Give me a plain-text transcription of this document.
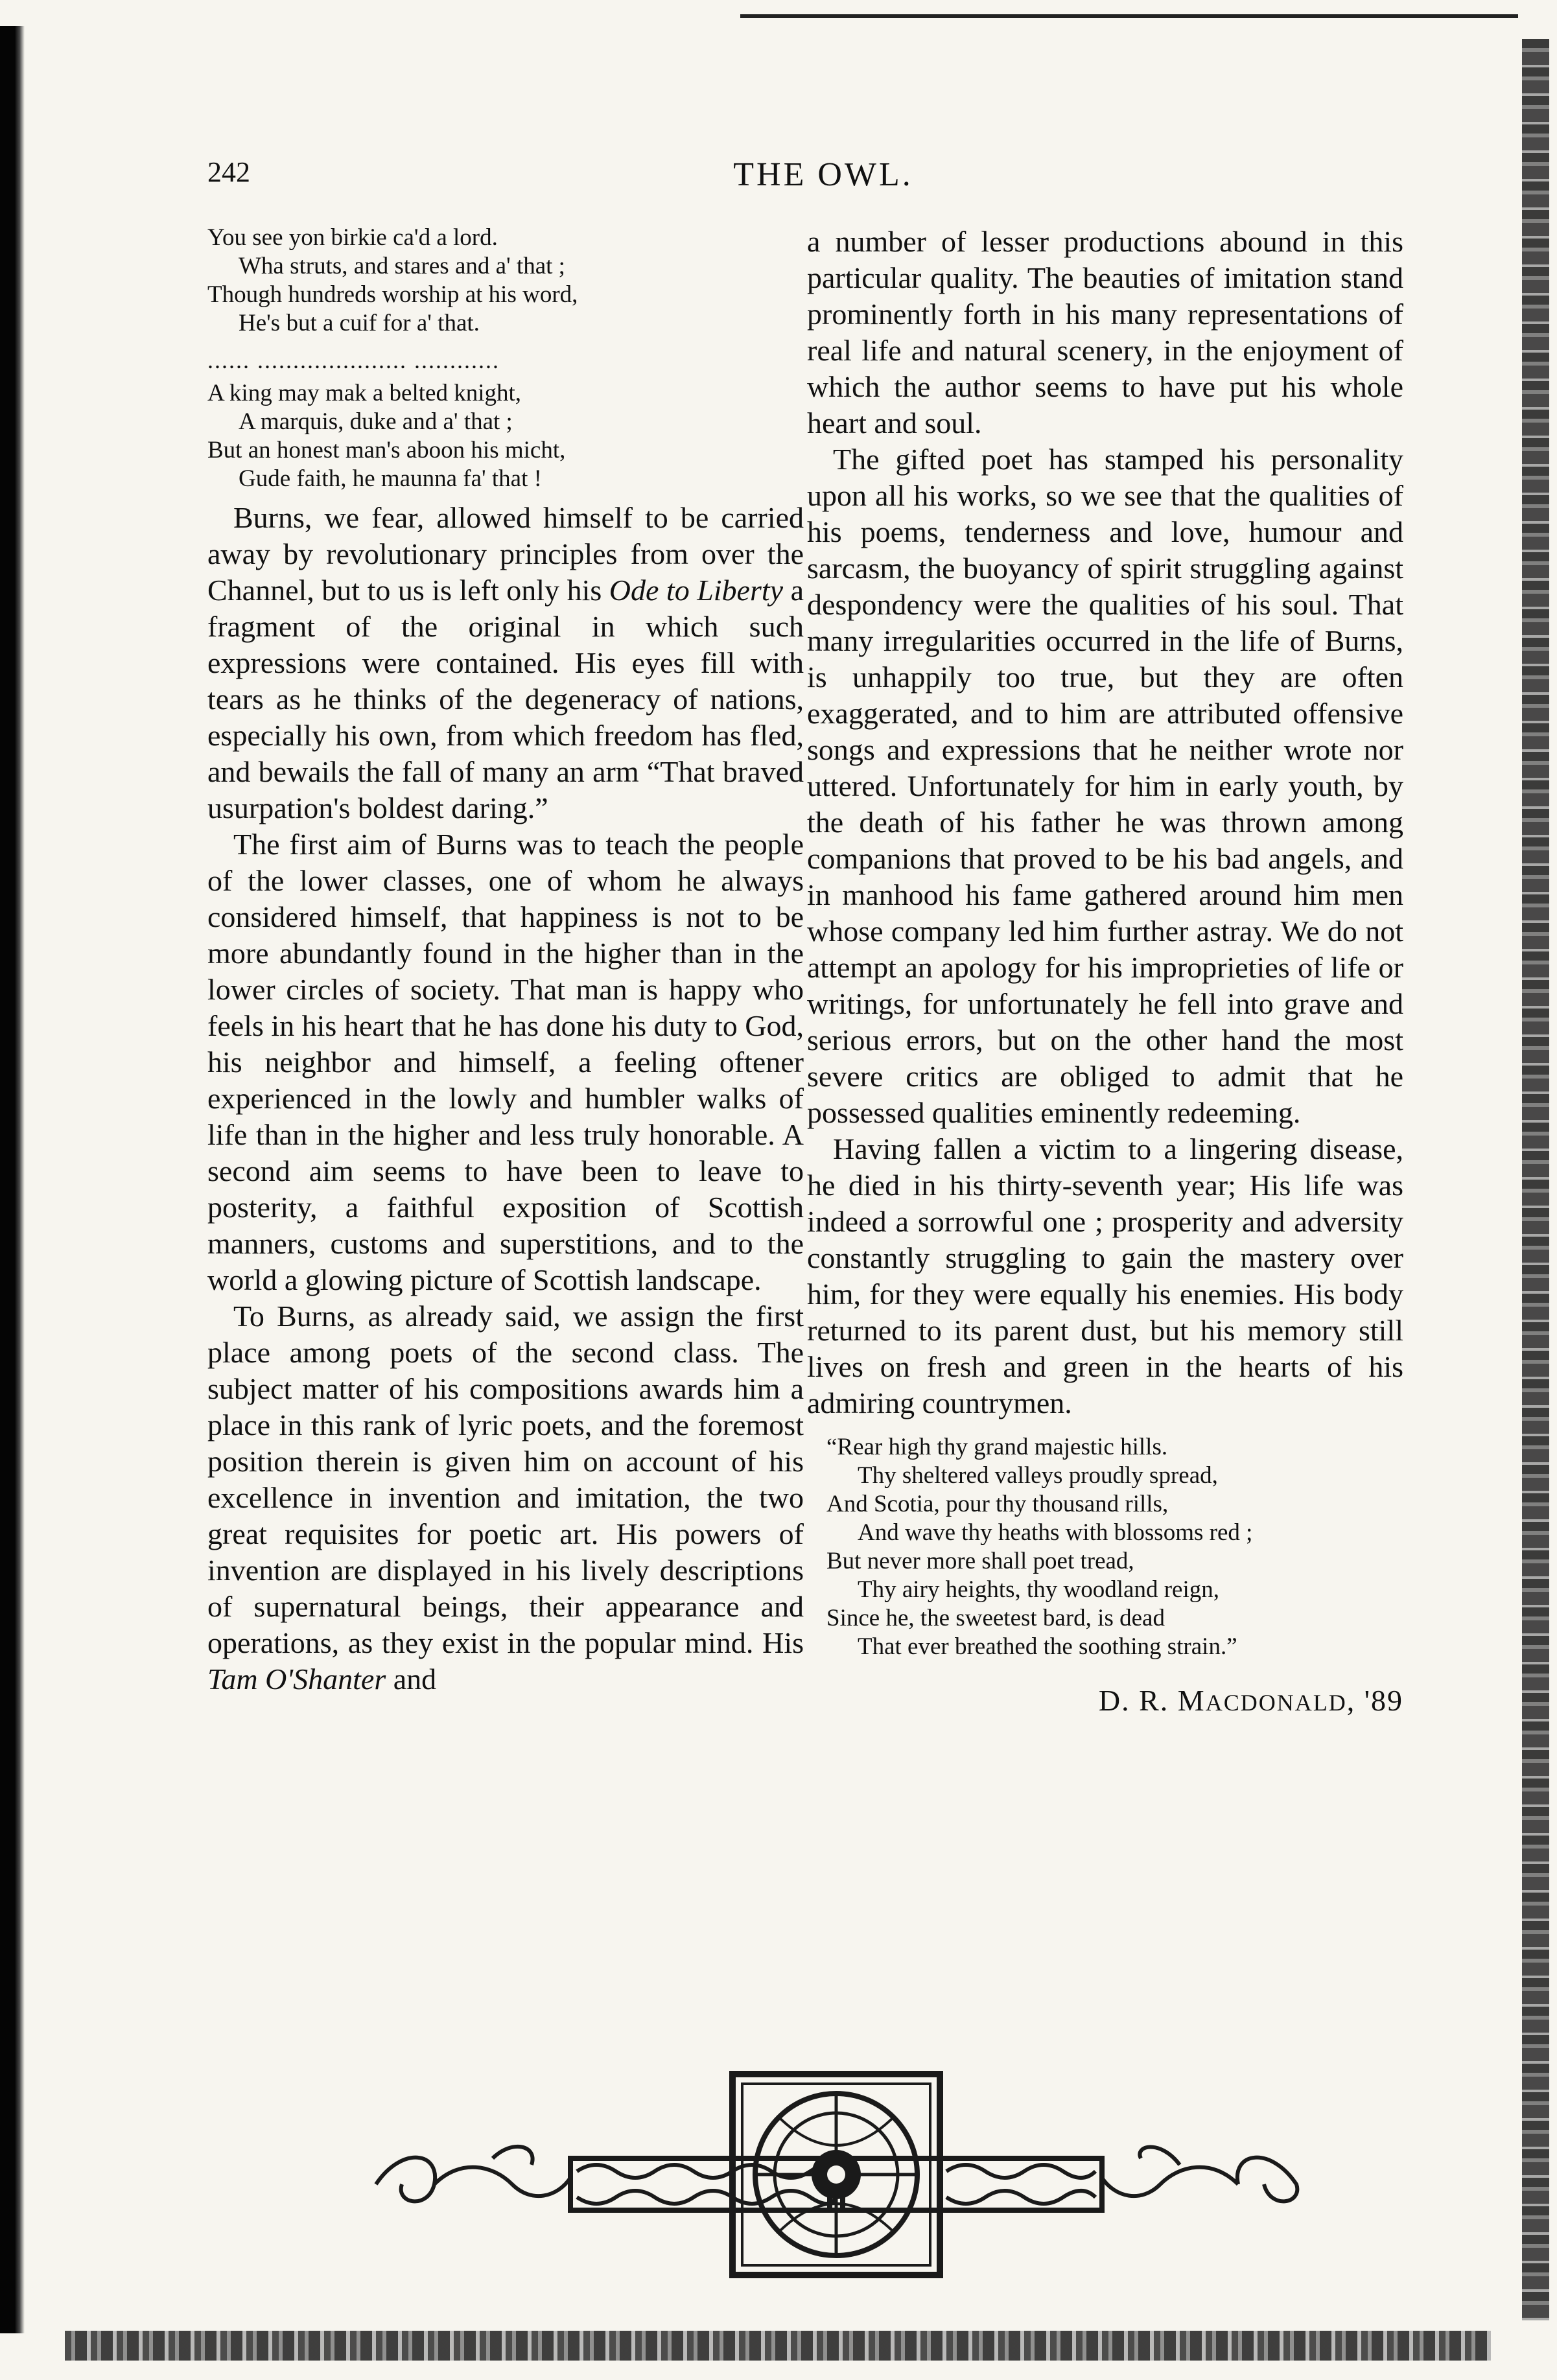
242	THE OWL.
You see yon birkie ca'd a lord.
Wha struts, and stares and a' that ;
Though hundreds worship at his word,
He's but a cuif for a' that.
...... ..................... ............
A king may mak a belted knight,
A marquis, duke and a' that ;
But an honest man's aboon his micht,
Gude faith, he maunna fa' that !

Burns, we fear, allowed himself to be carried away by revolutionary principles from over the Channel, but to us is left only his Ode to Liberty a fragment of the original in which such expressions were contained. His eyes fill with tears as he thinks of the degeneracy of nations, especially his own, from which freedom has fled, and bewails the fall of many an arm “That braved usurpation's boldest daring.”

The first aim of Burns was to teach the people of the lower classes, one of whom he always considered himself, that happiness is not to be more abundantly found in the higher than in the lower circles of society. That man is happy who feels in his heart that he has done his duty to God, his neighbor and himself, a feeling oftener experienced in the lowly and humbler walks of life than in the higher and less truly honorable. A second aim seems to have been to leave to posterity, a faithful exposition of Scottish manners, customs and superstitions, and to the world a glowing picture of Scottish landscape.

To Burns, as already said, we assign the first place among poets of the second class. The subject matter of his compositions awards him a place in this rank of lyric poets, and the foremost position therein is given him on account of his excellence in invention and imitation, the two great requisites for poetic art. His powers of invention are displayed in his lively descriptions of supernatural beings, their appearance and operations, as they exist in the popular mind. His Tam O'Shanter and

a number of lesser productions abound in this particular quality. The beauties of imitation stand prominently forth in his many representations of real life and natural scenery, in the enjoyment of which the author seems to have put his whole heart and soul.

The gifted poet has stamped his personality upon all his works, so we see that the qualities of his poems, tenderness and love, humour and sarcasm, the buoyancy of spirit struggling against despondency were the qualities of his soul. That many irregularities occurred in the life of Burns, is unhappily too true, but they are often exaggerated, and to him are attributed offensive songs and expressions that he neither wrote nor uttered. Unfortunately for him in early youth, by the death of his father he was thrown among companions that proved to be his bad angels, and in manhood his fame gathered around him men whose company led him further astray. We do not attempt an apology for his improprieties of life or writings, for unfortunately he fell into grave and serious errors, but on the other hand the most severe critics are obliged to admit that he possessed qualities eminently redeeming.

Having fallen a victim to a lingering disease, he died in his thirty-seventh year; His life was indeed a sorrowful one ; prosperity and adversity constantly struggling to gain the mastery over him, for they were equally his enemies. His body returned to its parent dust, but his memory still lives on fresh and green in the hearts of his admiring countrymen.

“Rear high thy grand majestic hills.
Thy sheltered valleys proudly spread,
And Scotia, pour thy thousand rills,
And wave thy heaths with blossoms red ;
But never more shall poet tread,
Thy airy heights, thy woodland reign,
Since he, the sweetest bard, is dead
That ever breathed the soothing strain.”
D. R. MACDONALD, '89
